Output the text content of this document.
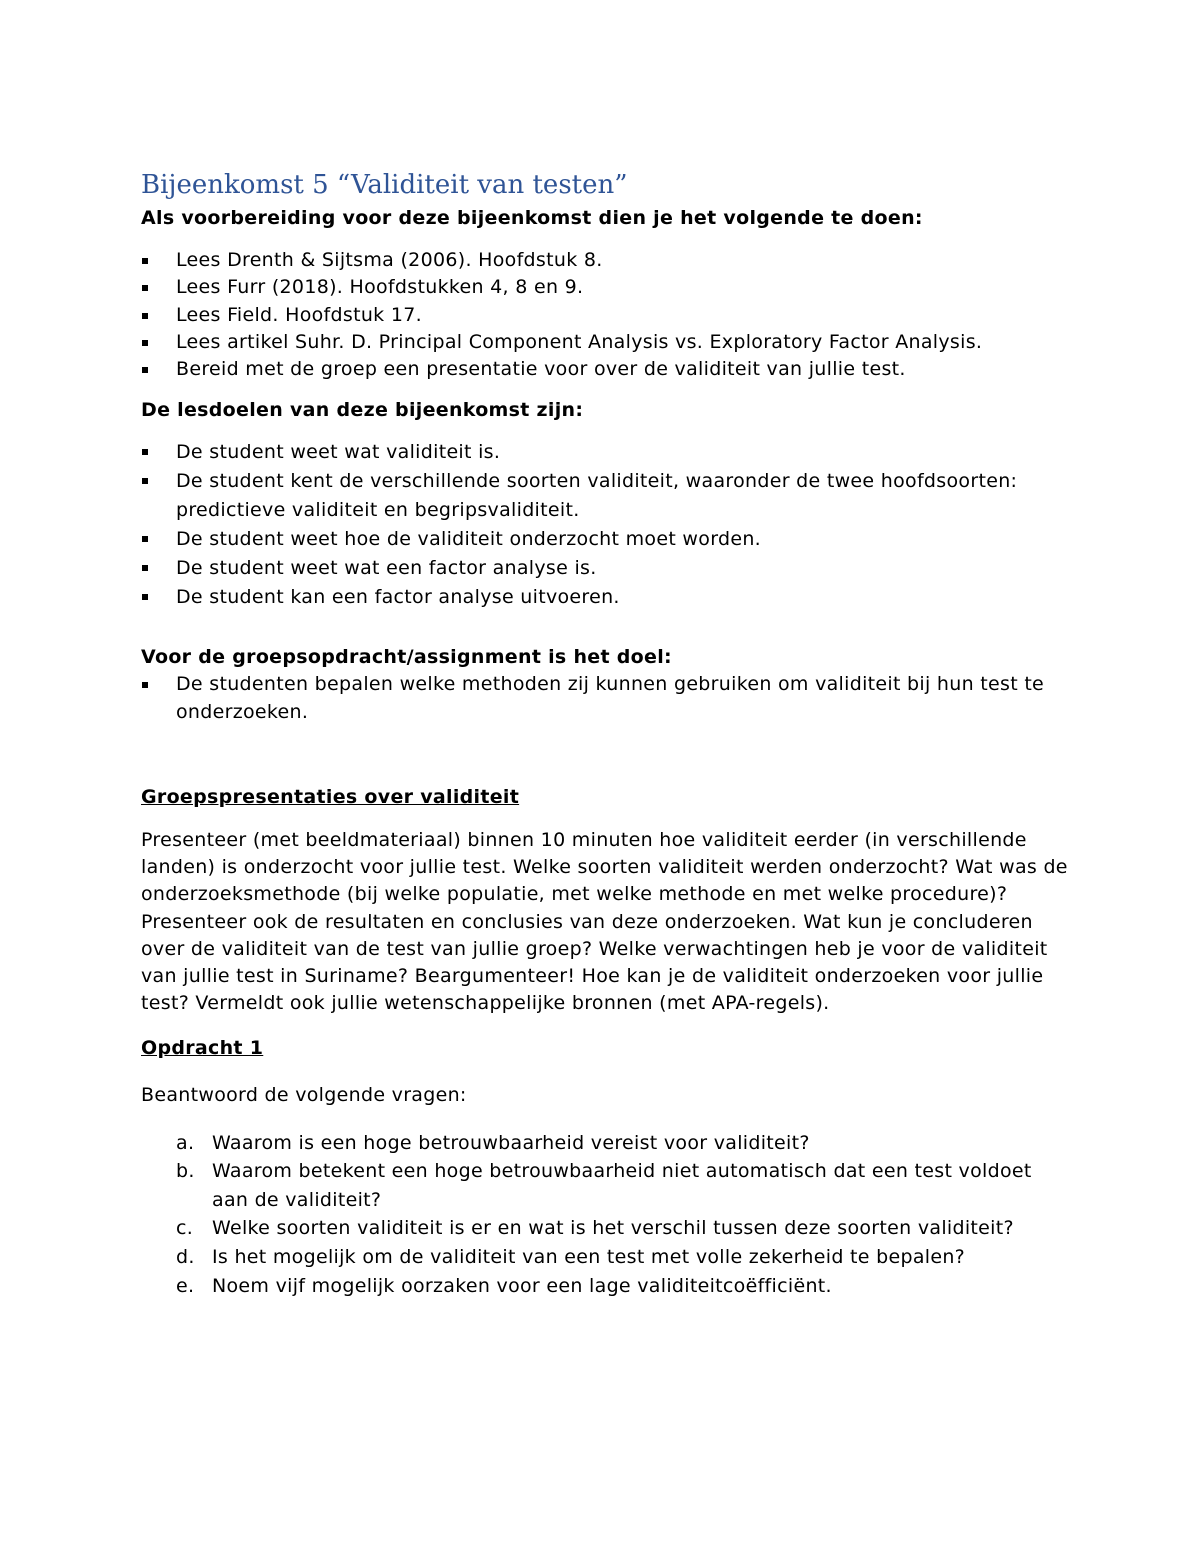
Bijeenkomst 5 “Validiteit van testen”

Als voorbereiding voor deze bijeenkomst dien je het volgende te doen:

Lees Drenth & Sijtsma (2006). Hoofdstuk 8.
Lees Furr (2018). Hoofdstukken 4, 8 en 9.
Lees Field. Hoofdstuk 17.
Lees artikel Suhr. D. Principal Component Analysis vs. Exploratory Factor Analysis.
Bereid met de groep een presentatie voor over de validiteit van jullie test.

De lesdoelen van deze bijeenkomst zijn:

De student weet wat validiteit is.
De student kent de verschillende soorten validiteit, waaronder de twee hoofdsoorten: predictieve validiteit en begripsvaliditeit.
De student weet hoe de validiteit onderzocht moet worden.
De student weet wat een factor analyse is.
De student kan een factor analyse uitvoeren.

Voor de groepsopdracht/assignment is het doel:

De studenten bepalen welke methoden zij kunnen gebruiken om validiteit bij hun test te onderzoeken.

Groepspresentaties over validiteit

Presenteer (met beeldmateriaal) binnen 10 minuten hoe validiteit eerder (in verschillende landen) is onderzocht voor jullie test. Welke soorten validiteit werden onderzocht? Wat was de onderzoeksmethode (bij welke populatie, met welke methode en met welke procedure)? Presenteer ook de resultaten en conclusies van deze onderzoeken. Wat kun je concluderen over de validiteit van de test van jullie groep? Welke verwachtingen heb je voor de validiteit van jullie test in Suriname? Beargumenteer! Hoe kan je de validiteit onderzoeken voor jullie test? Vermeldt ook jullie wetenschappelijke bronnen (met APA-regels).

Opdracht 1

Beantwoord de volgende vragen:

a. Waarom is een hoge betrouwbaarheid vereist voor validiteit?
b. Waarom betekent een hoge betrouwbaarheid niet automatisch dat een test voldoet aan de validiteit?
c. Welke soorten validiteit is er en wat is het verschil tussen deze soorten validiteit?
d. Is het mogelijk om de validiteit van een test met volle zekerheid te bepalen?
e. Noem vijf mogelijk oorzaken voor een lage validiteitcoëfficiënt.
